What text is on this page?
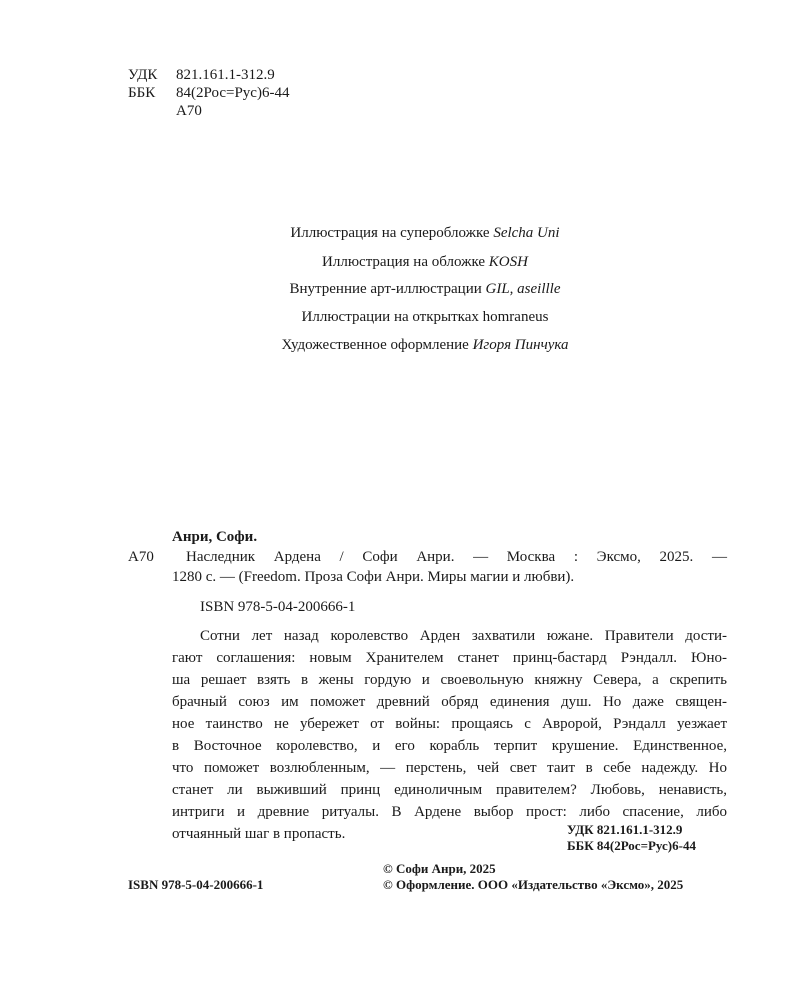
УДК 821.161.1-312.9
ББК 84(2Рос=Рус)6-44
А70
Иллюстрация на суперобложке Selcha Uni
Иллюстрация на обложке KOSH
Внутренние арт-иллюстрации GIL, aseillle
Иллюстрации на открытках homraneus
Художественное оформление Игоря Пинчука
Анри, Софи.
А70 Наследник Ардена / Софи Анри. — Москва : Эксмо, 2025. —
1280 с. — (Freedom. Проза Софи Анри. Миры магии и любви).
ISBN 978-5-04-200666-1
Сотни лет назад королевство Арден захватили южане. Правители дости-
гают соглашения: новым Хранителем станет принц-бастард Рэндалл. Юно-
ша решает взять в жены гордую и своевольную княжну Севера, а скрепить
брачный союз им поможет древний обряд единения душ. Но даже священ-
ное таинство не убережет от войны: прощаясь с Авророй, Рэндалл уезжает
в Восточное королевство, и его корабль терпит крушение. Единственное,
что поможет возлюбленным, — перстень, чей свет таит в себе надежду. Но
станет ли выживший принц единоличным правителем? Любовь, ненависть,
интриги и древние ритуалы. В Ардене выбор прост: либо спасение, либо
отчаянный шаг в пропасть.	УДК 821.161.1-312.9
ББК 84(2Рос=Рус)6-44
ISBN 978-5-04-200666-1
© Софи Анри, 2025
© Оформление. ООО «Издательство «Эксмо», 2025
